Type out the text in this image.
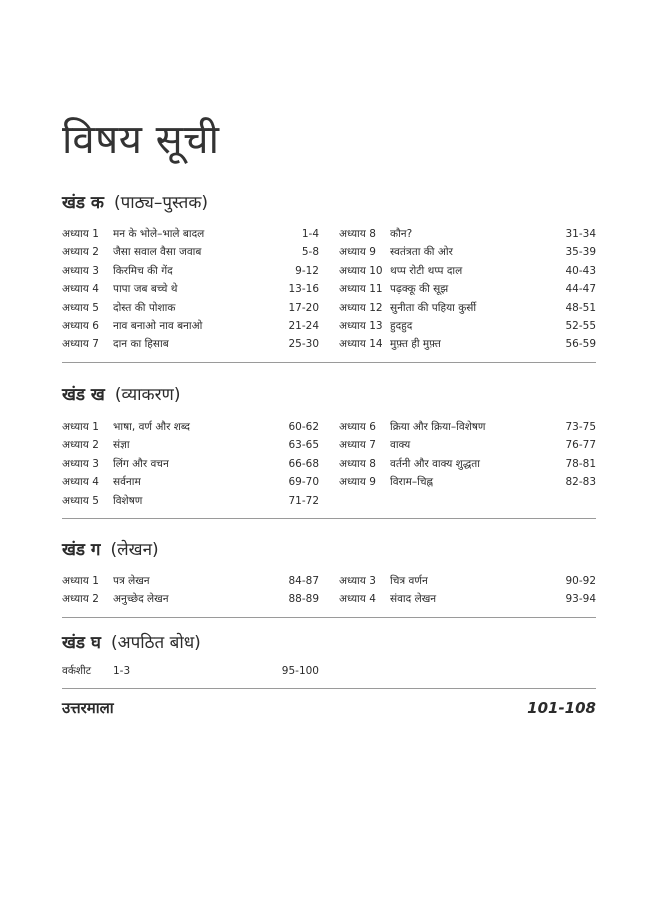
विषय सूची
खंड क (पाठ्य–पुस्तक)
अध्याय 1 मन के भोले–भाले बादल	1-4
अध्याय 2 जैसा सवाल वैसा जवाब	5-8
अध्याय 3 किरमिच की गेंद	9-12
अध्याय 4 पापा जब बच्चे थे	13-16
अध्याय 5 दोस्त की पोशाक	17-20
अध्याय 6 नाव बनाओ नाव बनाओ	21-24
अध्याय 7 दान का हिसाब	25-30
अध्याय 8 कौन?	31-34
अध्याय 9 स्वतंत्रता की ओर	35-39
अध्याय 10 थप्प रोटी थप्प दाल	40-43
अध्याय 11 पढ़क्कू की सूझ	44-47
अध्याय 12 सुनीता की पहिया कुर्सी	48-51
अध्याय 13 हुदहुद	52-55
अध्याय 14 मुफ़्त ही मुफ़्त	56-59
खंड ख (व्याकरण)
अध्याय 1 भाषा, वर्ण और शब्द	60-62
अध्याय 2 संज्ञा	63-65
अध्याय 3 लिंग और वचन	66-68
अध्याय 4 सर्वनाम	69-70
अध्याय 5 विशेषण	71-72
अध्याय 6 क्रिया और क्रिया–विशेषण	73-75
अध्याय 7 वाक्य	76-77
अध्याय 8 वर्तनी और वाक्य शुद्धता	78-81
अध्याय 9 विराम–चिह्न	82-83
खंड ग (लेखन)
अध्याय 1 पत्र लेखन	84-87
अध्याय 2 अनुच्छेद लेखन	88-89
अध्याय 3 चित्र वर्णन	90-92
अध्याय 4 संवाद लेखन	93-94
खंड घ (अपठित बोध)
वर्कशीट 1-3	95-100
उत्तरमाला	101-108
